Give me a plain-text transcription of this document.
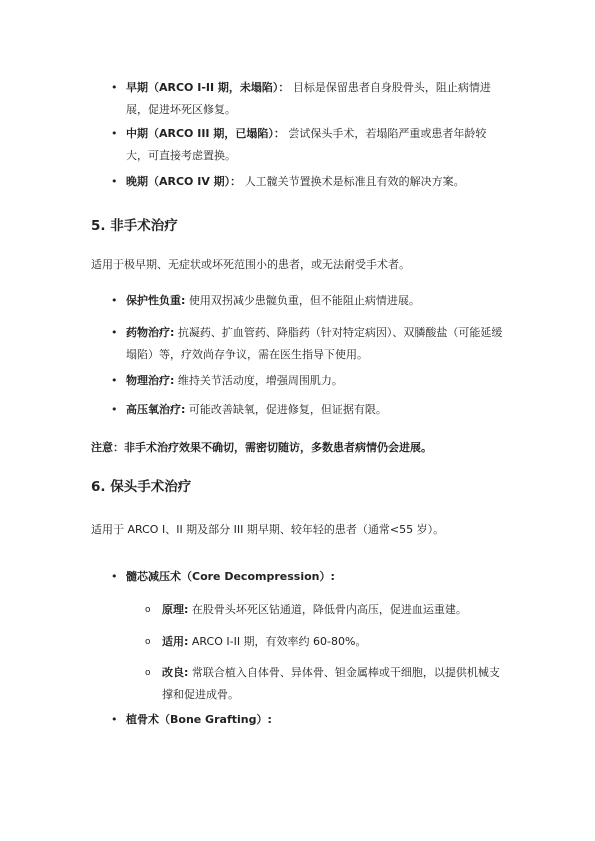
• 早期（ARCO I-II 期，未塌陷）： 目标是保留患者自身股骨头，阻止病情进展，促进坏死区修复。

• 中期（ARCO III 期，已塌陷）： 尝试保头手术，若塌陷严重或患者年龄较大，可直接考虑置换。

• 晚期（ARCO IV 期）： 人工髋关节置换术是标准且有效的解决方案。

5. 非手术治疗

适用于极早期、无症状或坏死范围小的患者，或无法耐受手术者。

• 保护性负重: 使用双拐减少患髋负重，但不能阻止病情进展。

• 药物治疗: 抗凝药、扩血管药、降脂药（针对特定病因）、双膦酸盐（可能延缓塌陷）等，疗效尚存争议，需在医生指导下使用。

• 物理治疗: 维持关节活动度，增强周围肌力。

• 高压氧治疗: 可能改善缺氧，促进修复，但证据有限。

注意：非手术治疗效果不确切，需密切随访，多数患者病情仍会进展。

6. 保头手术治疗

适用于 ARCO I、II 期及部分 III 期早期、较年轻的患者（通常<55 岁）。

• 髓芯减压术（Core Decompression）:

o 原理: 在股骨头坏死区钻通道，降低骨内高压，促进血运重建。

o 适用: ARCO I-II 期，有效率约 60-80%。

o 改良: 常联合植入自体骨、异体骨、钽金属棒或干细胞，以提供机械支撑和促进成骨。

• 植骨术（Bone Grafting）:
